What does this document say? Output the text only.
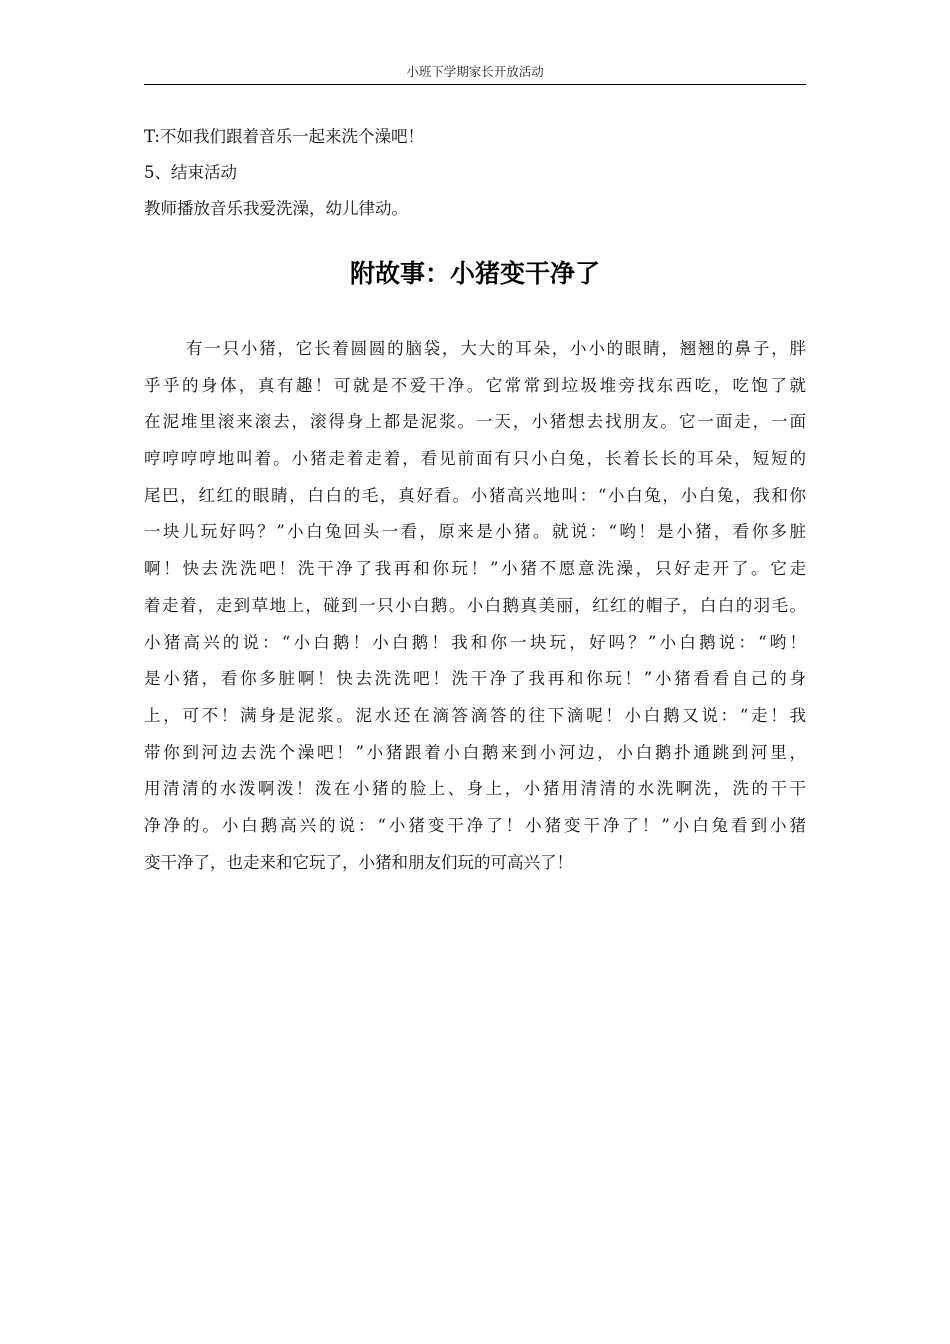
小班下学期家长开放活动
T:不如我们跟着音乐一起来洗个澡吧！
5、结束活动
教师播放音乐我爱洗澡，幼儿律动。
附故事：小猪变干净了
有一只小猪，它长着圆圆的脑袋，大大的耳朵，小小的眼睛，翘翘的鼻子，胖
乎乎的身体，真有趣！可就是不爱干净。它常常到垃圾堆旁找东西吃，吃饱了就
在泥堆里滚来滚去，滚得身上都是泥浆。一天，小猪想去找朋友。它一面走，一面
哼哼哼哼地叫着。小猪走着走着，看见前面有只小白兔，长着长长的耳朵，短短的
尾巴，红红的眼睛，白白的毛，真好看。小猪高兴地叫：“小白兔，小白兔，我和你
一块儿玩好吗？”小白兔回头一看，原来是小猪。就说：“哟！是小猪，看你多脏
啊！快去洗洗吧！洗干净了我再和你玩！”小猪不愿意洗澡，只好走开了。它走
着走着，走到草地上，碰到一只小白鹅。小白鹅真美丽，红红的帽子，白白的羽毛。
小猪高兴的说：“小白鹅！小白鹅！我和你一块玩，好吗？”小白鹅说：“哟！
是小猪，看你多脏啊！快去洗洗吧！洗干净了我再和你玩！”小猪看看自己的身
上，可不！满身是泥浆。泥水还在滴答滴答的往下滴呢！小白鹅又说：“走！我
带你到河边去洗个澡吧！”小猪跟着小白鹅来到小河边，小白鹅扑通跳到河里，
用清清的水泼啊泼！泼在小猪的脸上、身上，小猪用清清的水洗啊洗，洗的干干
净净的。小白鹅高兴的说：“小猪变干净了！小猪变干净了！”小白兔看到小猪
变干净了，也走来和它玩了，小猪和朋友们玩的可高兴了！
